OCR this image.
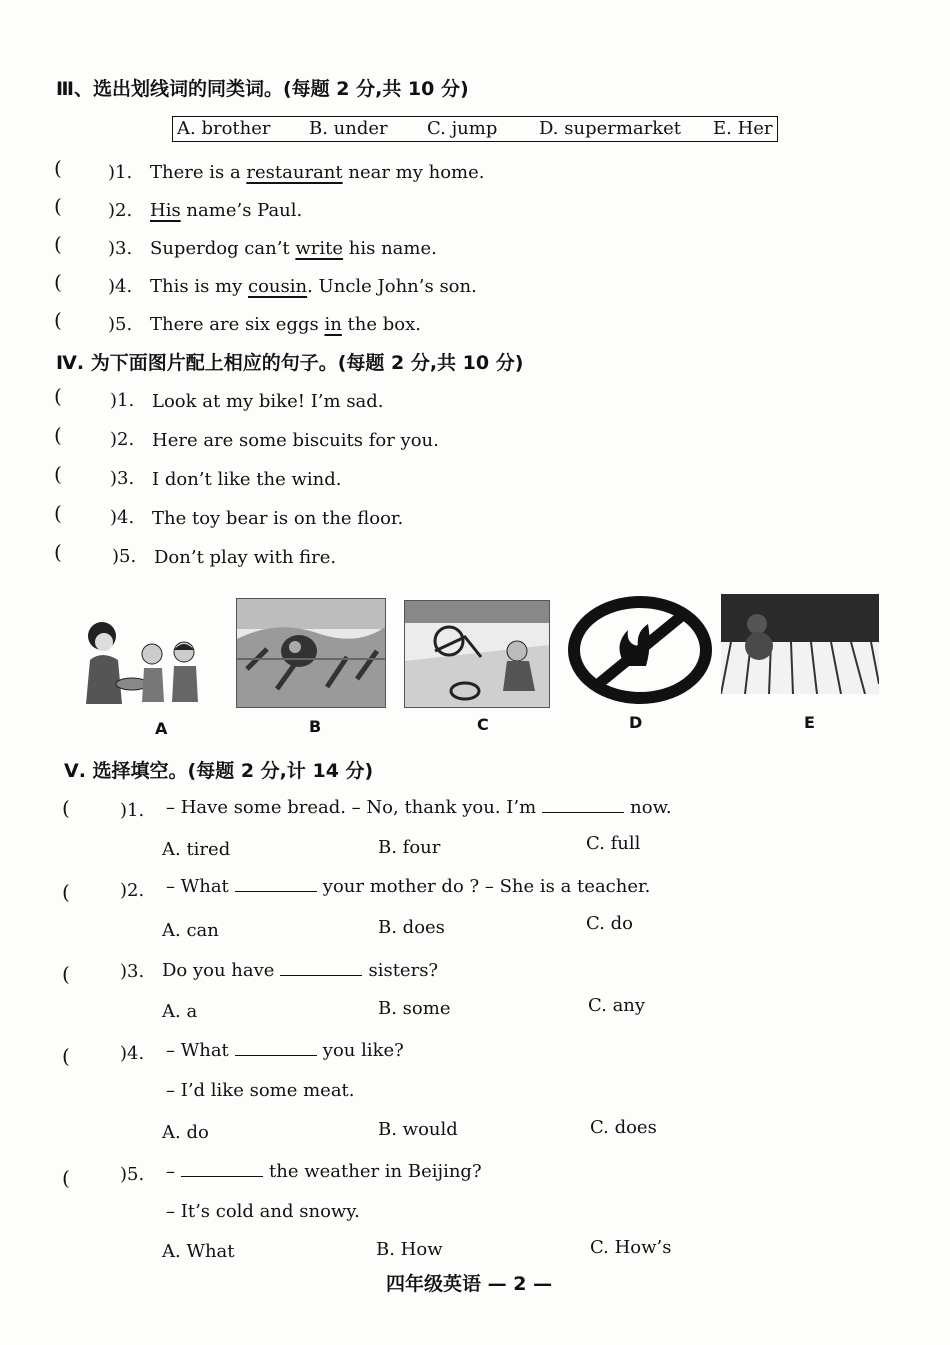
Ⅲ、选出划线词的同类词。(每题 2 分,共 10 分)
A. brother B. under C. jump D. supermarket E. Her
(	)1. There is a restaurant near my home.
(	)2. His name’s Paul.
(	)3. Superdog can’t write his name.
(	)4. This is my cousin. Uncle John’s son.
(	)5. There are six eggs in the box.
Ⅳ. 为下面图片配上相应的句子。(每题 2 分,共 10 分)
(	)1. Look at my bike! I’m sad.
(	)2. Here are some biscuits for you.
(	)3. I don’t like the wind.
(	)4. The toy bear is on the floor.
(	)5. Don’t play with fire.
A	B	C	D	E
Ⅴ. 选择填空。(每题 2 分,计 14 分)
(	)1. – Have some bread. – No, thank you. I’m	now.
A. tired	B. four	C. full
(	)2. – What	your mother do ? – She is a teacher.
A. can	B. does	C. do
(	)3. Do you have	sisters?
A. a	B. some	C. any
(	)4. – What	you like?
– I’d like some meat.
A. do	B. would	C. does
(	)5. –	the weather in Beijing?
– It’s cold and snowy.
A. What	B. How	C. How’s
四年级英语 — 2 —
